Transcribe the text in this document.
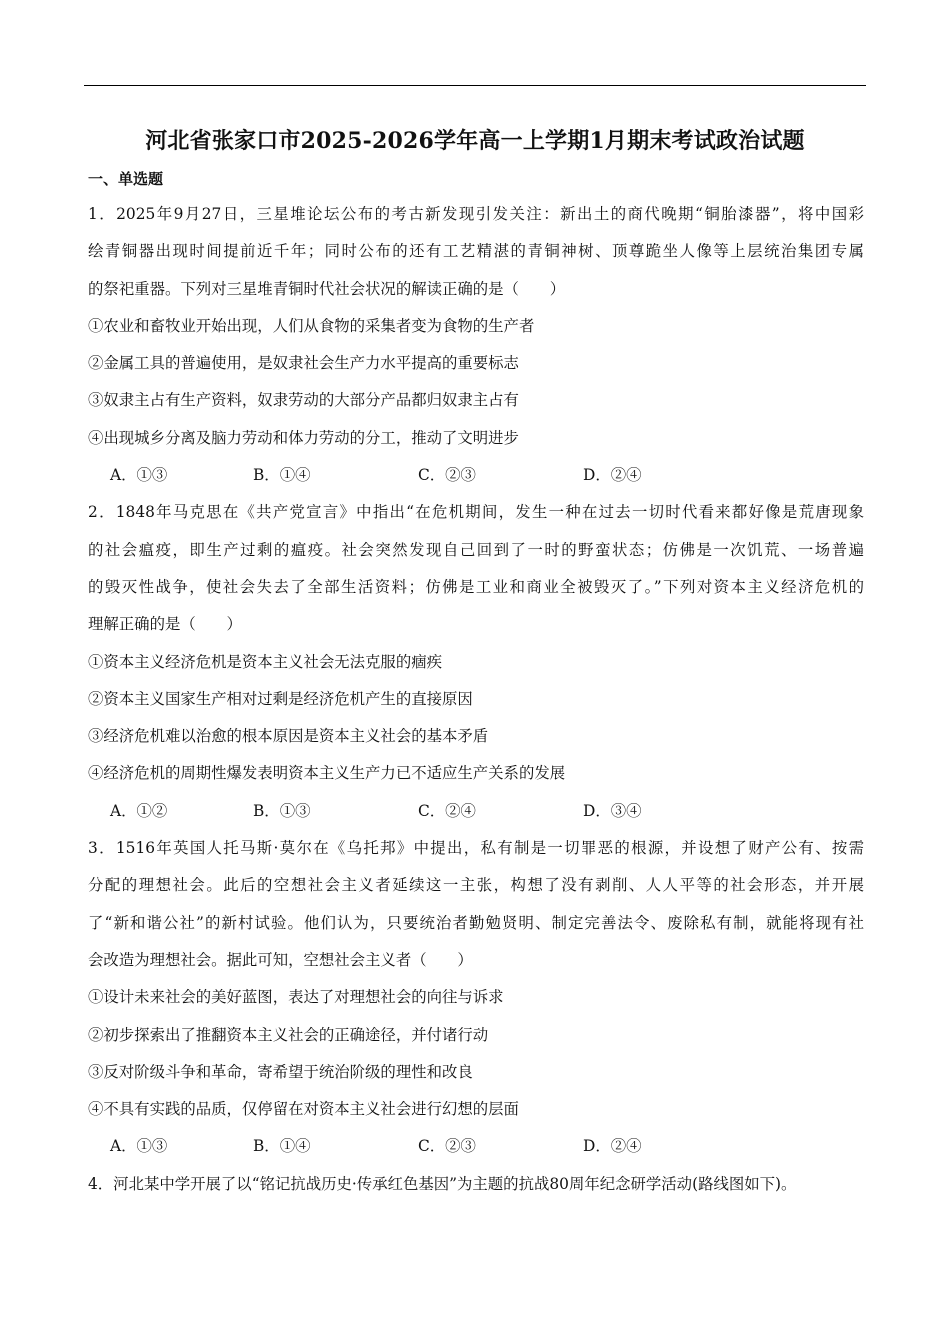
河北省张家口市2025-2026学年高一上学期1月期末考试政治试题
一、单选题
1．2025年9月27日，三星堆论坛公布的考古新发现引发关注：新出土的商代晚期“铜胎漆器”，将中国彩
绘青铜器出现时间提前近千年；同时公布的还有工艺精湛的青铜神树、顶尊跪坐人像等上层统治集团专属
的祭祀重器。下列对三星堆青铜时代社会状况的解读正确的是（　　）
①农业和畜牧业开始出现，人们从食物的采集者变为食物的生产者
②金属工具的普遍使用，是奴隶社会生产力水平提高的重要标志
③奴隶主占有生产资料，奴隶劳动的大部分产品都归奴隶主占有
④出现城乡分离及脑力劳动和体力劳动的分工，推动了文明进步
A．①③	B．①④	C．②③	D．②④
2．1848年马克思在《共产党宣言》中指出“在危机期间，发生一种在过去一切时代看来都好像是荒唐现象
的社会瘟疫，即生产过剩的瘟疫。社会突然发现自己回到了一时的野蛮状态；仿佛是一次饥荒、一场普遍
的毁灭性战争，使社会失去了全部生活资料；仿佛是工业和商业全被毁灭了。”下列对资本主义经济危机的
理解正确的是（　　）
①资本主义经济危机是资本主义社会无法克服的痼疾
②资本主义国家生产相对过剩是经济危机产生的直接原因
③经济危机难以治愈的根本原因是资本主义社会的基本矛盾
④经济危机的周期性爆发表明资本主义生产力已不适应生产关系的发展
A．①②	B．①③	C．②④	D．③④
3．1516年英国人托马斯·莫尔在《乌托邦》中提出，私有制是一切罪恶的根源，并设想了财产公有、按需
分配的理想社会。此后的空想社会主义者延续这一主张，构想了没有剥削、人人平等的社会形态，并开展
了“新和谐公社”的新村试验。他们认为，只要统治者勤勉贤明、制定完善法令、废除私有制，就能将现有社
会改造为理想社会。据此可知，空想社会主义者（　　）
①设计未来社会的美好蓝图，表达了对理想社会的向往与诉求
②初步探索出了推翻资本主义社会的正确途径，并付诸行动
③反对阶级斗争和革命，寄希望于统治阶级的理性和改良
④不具有实践的品质，仅停留在对资本主义社会进行幻想的层面
A．①③	B．①④	C．②③	D．②④
4．河北某中学开展了以“铭记抗战历史·传承红色基因”为主题的抗战80周年纪念研学活动(路线图如下)。
